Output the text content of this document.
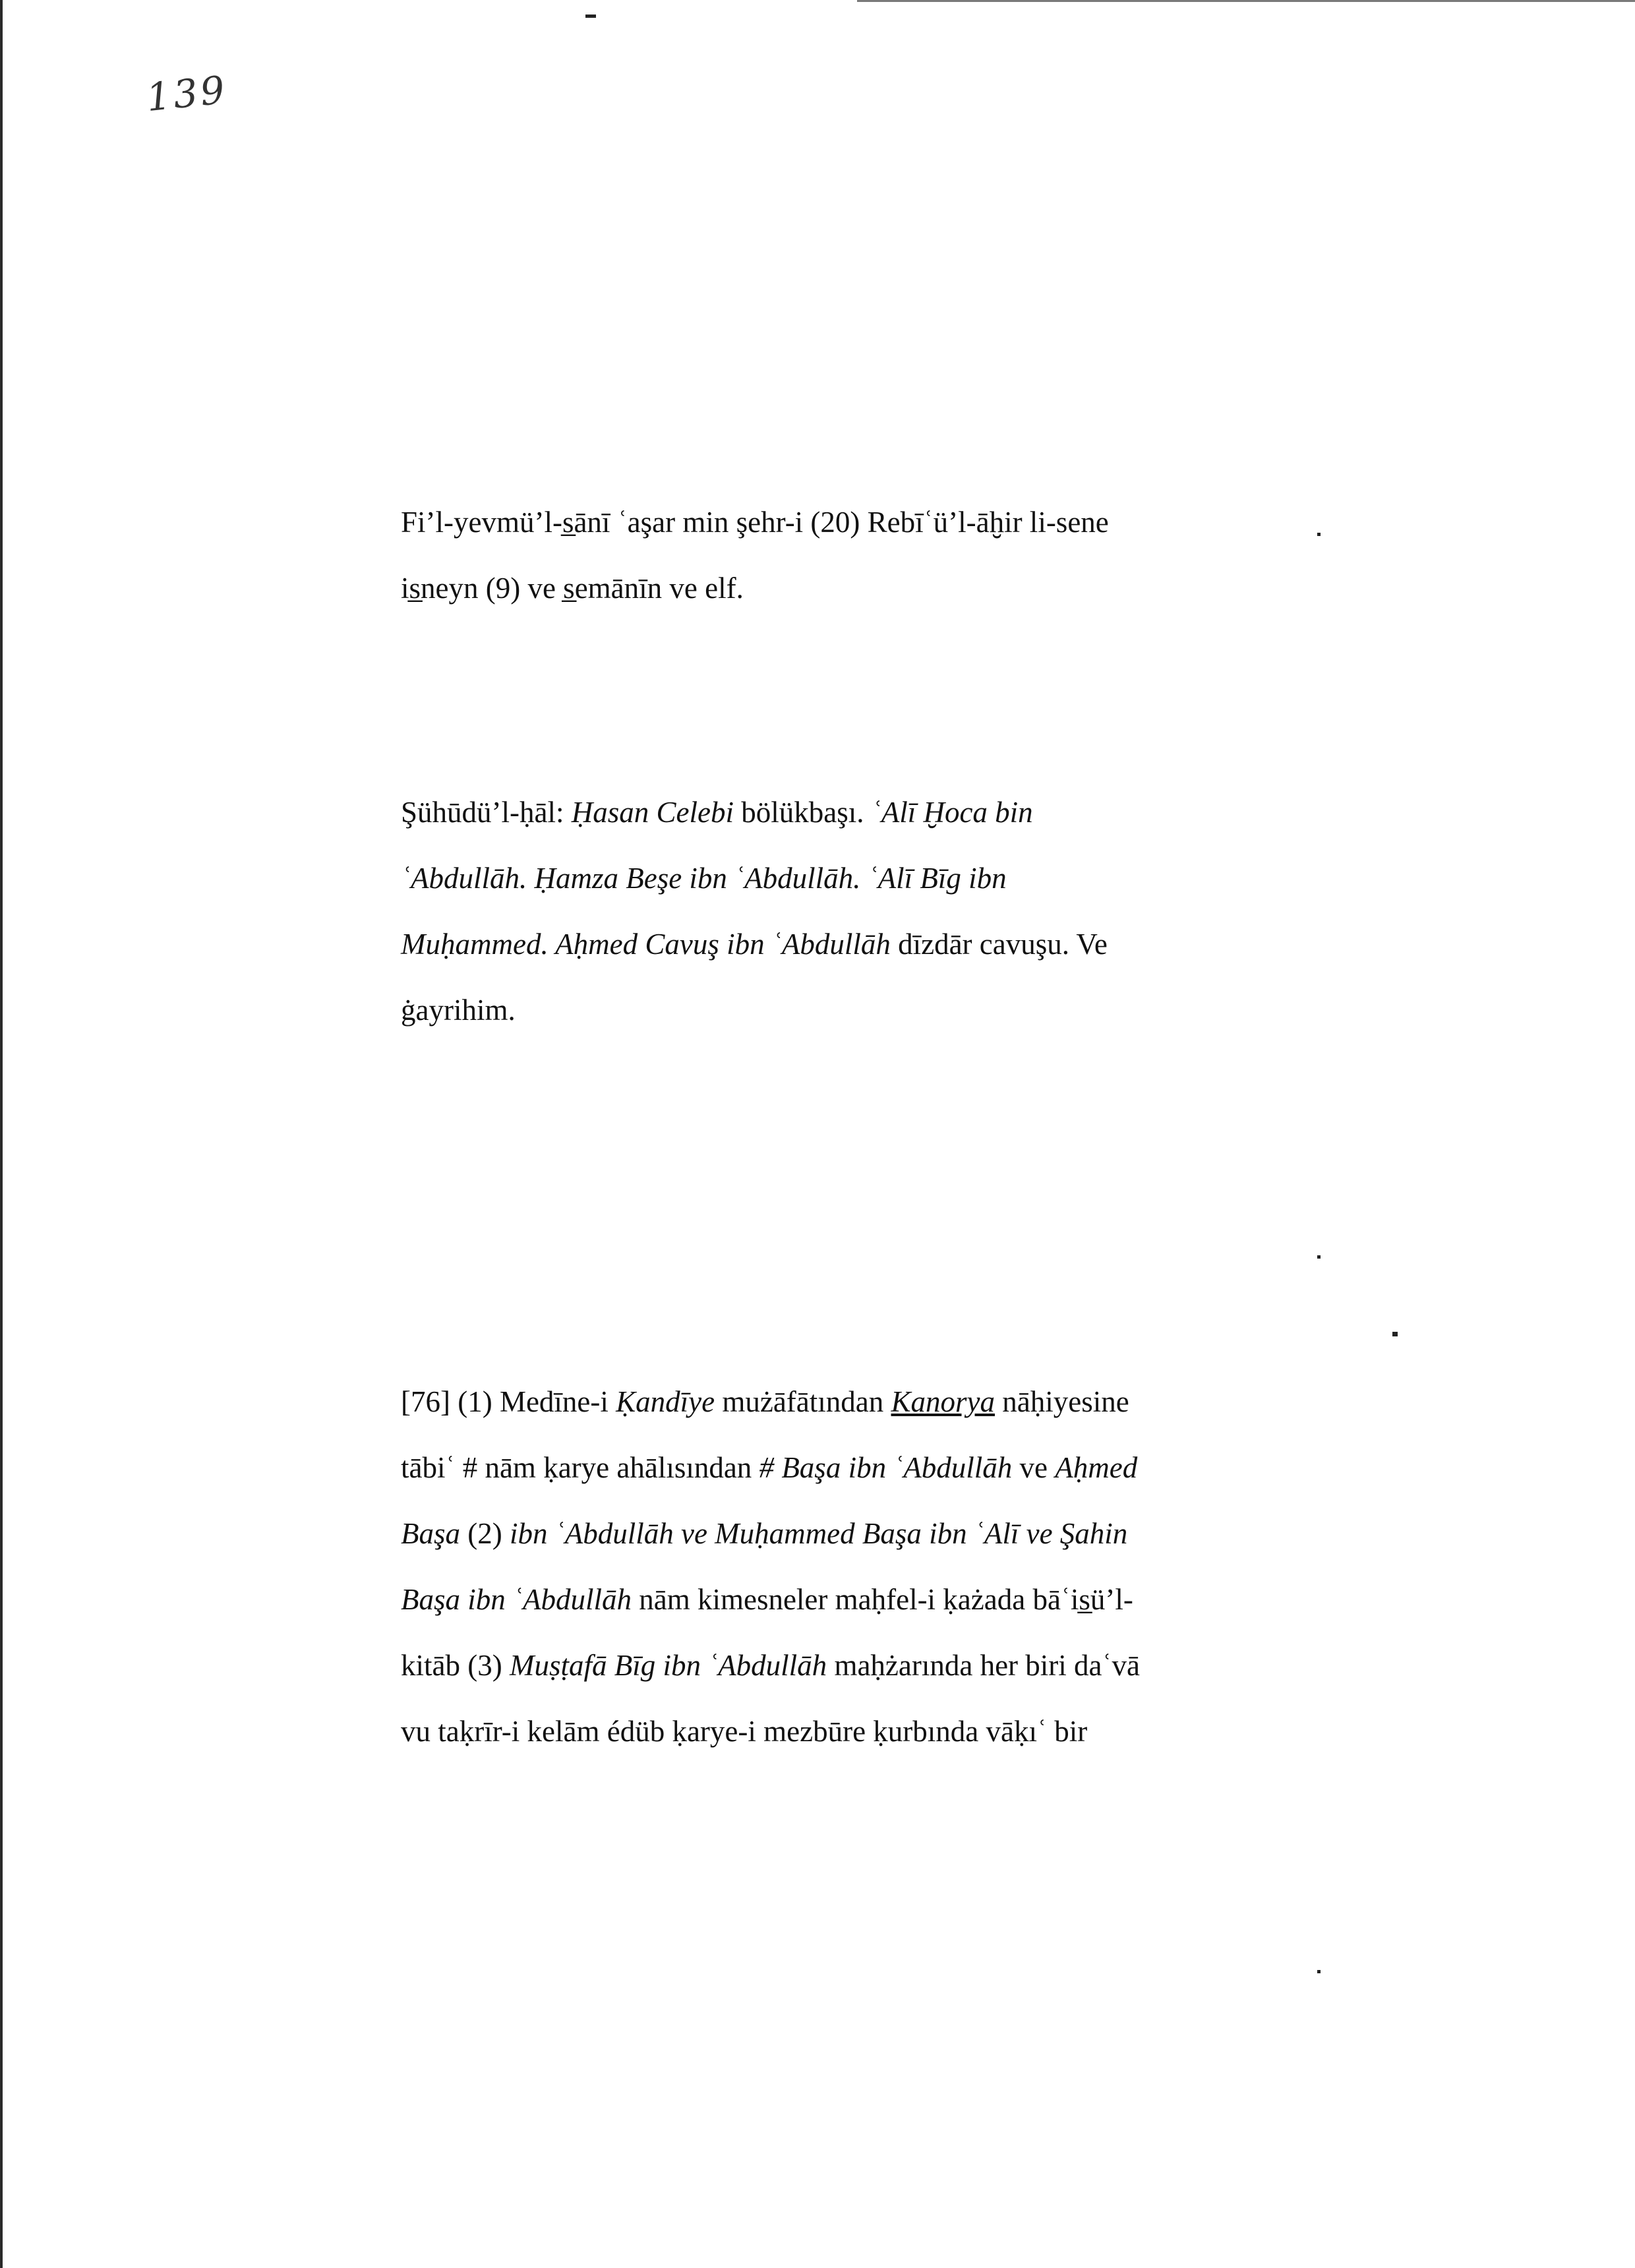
139
Fi’l-yevmü’l-s̲ānī ʿaşar min şehr-i (20) Rebīʿü’l-āḫir li-sene
is̲neyn (9) ve s̲emānīn ve elf.
Şühūdü’l-ḥāl: Ḥasan Celebi bölükbaşı. ʿAlī Ḫoca bin
ʿAbdullāh. Ḥamza Beşe ibn ʿAbdullāh. ʿAlī Bīg ibn
Muḥammed. Aḥmed Cavuş ibn ʿAbdullāh dīzdār cavuşu. Ve
ġayrihim.
[76] (1) Medīne-i Ḳandīye mużāfātından Kanorya nāḥiyesine
tābiʿ # nām ḳarye ahālısından # Başa ibn ʿAbdullāh ve Aḥmed
Başa (2) ibn ʿAbdullāh ve Muḥammed Başa ibn ʿAlī ve Şahin
Başa ibn ʿAbdullāh nām kimesneler maḥfel-i ḳażada bāʿis̲ü’l-
kitāb (3) Muṣṭafā Bīg ibn ʿAbdullāh maḥżarında her biri daʿvā
vu taḳrīr-i kelām édüb ḳarye-i mezbūre ḳurbında vāḳıʿ bir
